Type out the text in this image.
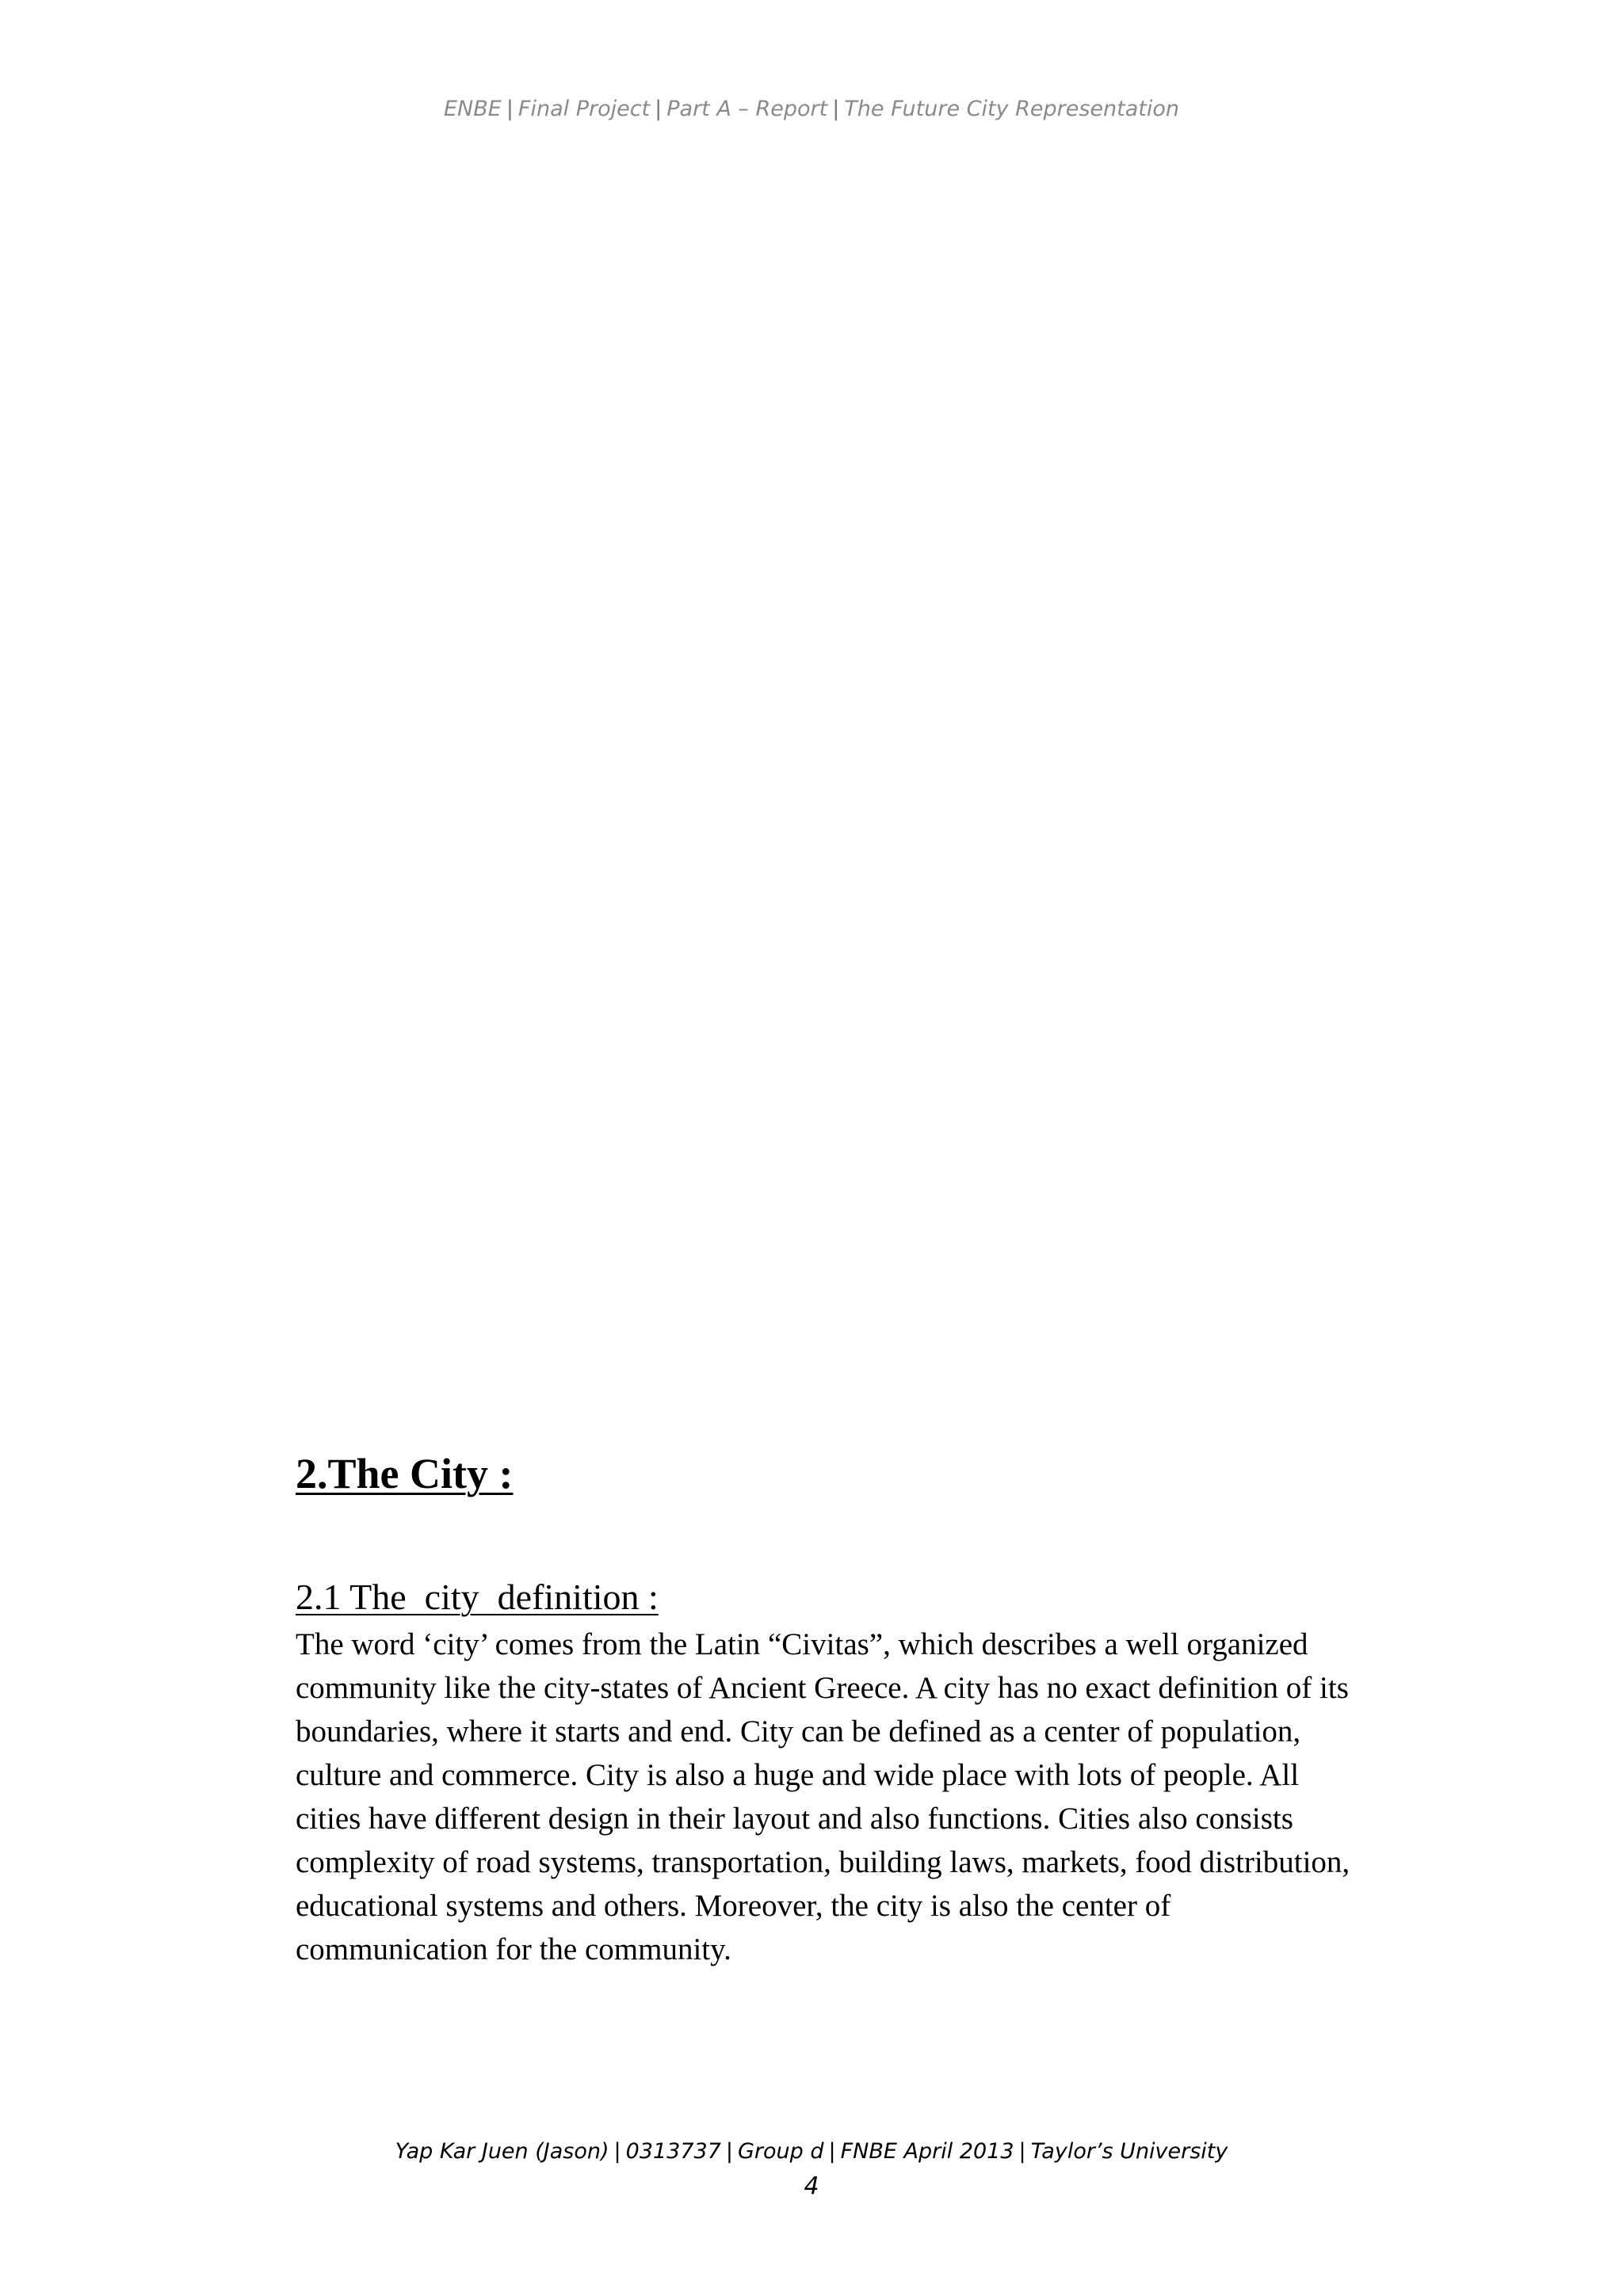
ENBE | Final Project | Part A – Report | The Future City Representation
2.The City :
2.1 The  city  definition :
The word ‘city’ comes from the Latin “Civitas”, which describes a well organized
community like the city-states of Ancient Greece. A city has no exact definition of its
boundaries, where it starts and end. City can be defined as a center of population,
culture and commerce. City is also a huge and wide place with lots of people. All
cities have different design in their layout and also functions. Cities also consists
complexity of road systems, transportation, building laws, markets, food distribution,
educational systems and others. Moreover, the city is also the center of
communication for the community.
Yap Kar Juen (Jason) | 0313737 | Group d | FNBE April 2013 | Taylor’s University
4
